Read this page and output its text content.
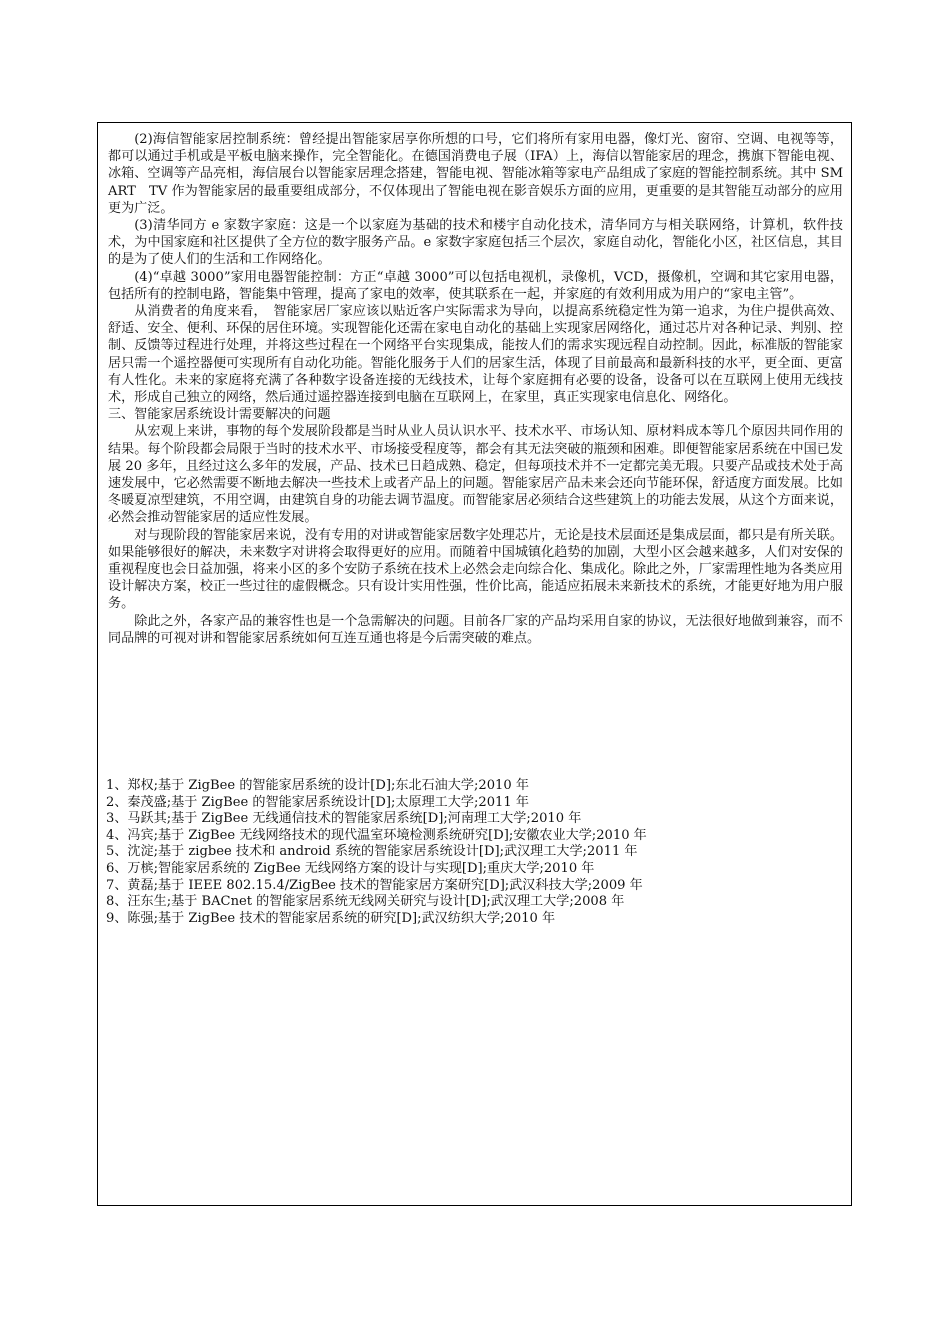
(2)海信智能家居控制系统：曾经提出智能家居享你所想的口号，它们将所有家用电器，像灯光、窗帘、空调、电视等等，都可以通过手机或是平板电脑来操作，完全智能化。在德国消费电子展（IFA）上，海信以智能家居的理念，携旗下智能电视、冰箱、空调等产品亮相，海信展台以智能家居理念搭建，智能电视、智能冰箱等家电产品组成了家庭的智能控制系统。其中 SMART　TV 作为智能家居的最重要组成部分，不仅体现出了智能电视在影音娱乐方面的应用，更重要的是其智能互动部分的应用更为广泛。

(3)清华同方 e 家数字家庭：这是一个以家庭为基础的技术和楼宇自动化技术，清华同方与相关联网络，计算机，软件技术，为中国家庭和社区提供了全方位的数字服务产品。e 家数字家庭包括三个层次，家庭自动化，智能化小区，社区信息，其目的是为了使人们的生活和工作网络化。

(4)“卓越 3000”家用电器智能控制：方正“卓越 3000”可以包括电视机，录像机，VCD，摄像机，空调和其它家用电器，包括所有的控制电路，智能集中管理，提高了家电的效率，使其联系在一起，并家庭的有效利用成为用户的“家电主管”。

从消费者的角度来看，　智能家居厂家应该以贴近客户实际需求为导向，以提高系统稳定性为第一追求，为住户提供高效、舒适、安全、便利、环保的居住环境。实现智能化还需在家电自动化的基础上实现家居网络化，通过芯片对各种记录、判别、控制、反馈等过程进行处理，并将这些过程在一个网络平台实现集成，能按人们的需求实现远程自动控制。因此，标准版的智能家居只需一个遥控器便可实现所有自动化功能。智能化服务于人们的居家生活，体现了目前最高和最新科技的水平，更全面、更富有人性化。未来的家庭将充满了各种数字设备连接的无线技术，让每个家庭拥有必要的设备，设备可以在互联网上使用无线技术，形成自己独立的网络，然后通过遥控器连接到电脑在互联网上，在家里，真正实现家电信息化、网络化。

三、智能家居系统设计需要解决的问题

从宏观上来讲，事物的每个发展阶段都是当时从业人员认识水平、技术水平、市场认知、原材料成本等几个原因共同作用的结果。每个阶段都会局限于当时的技术水平、市场接受程度等，都会有其无法突破的瓶颈和困难。即便智能家居系统在中国已发展 20 多年，且经过这么多年的发展，产品、技术已日趋成熟、稳定，但每项技术并不一定都完美无瑕。只要产品或技术处于高速发展中，它必然需要不断地去解决一些技术上或者产品上的问题。智能家居产品未来会还向节能环保，舒适度方面发展。比如冬暖夏凉型建筑，不用空调，由建筑自身的功能去调节温度。而智能家居必须结合这些建筑上的功能去发展，从这个方面来说，必然会推动智能家居的适应性发展。

对与现阶段的智能家居来说，没有专用的对讲或智能家居数字处理芯片，无论是技术层面还是集成层面，都只是有所关联。如果能够很好的解决，未来数字对讲将会取得更好的应用。而随着中国城镇化趋势的加剧，大型小区会越来越多，人们对安保的重视程度也会日益加强，将来小区的多个安防子系统在技术上必然会走向综合化、集成化。除此之外，厂家需理性地为各类应用设计解决方案，校正一些过往的虚假概念。只有设计实用性强，性价比高，能适应拓展未来新技术的系统，才能更好地为用户服务。

除此之外，各家产品的兼容性也是一个急需解决的问题。目前各厂家的产品均采用自家的协议，无法很好地做到兼容，而不同品牌的可视对讲和智能家居系统如何互连互通也将是今后需突破的难点。

1、郑权;基于 ZigBee 的智能家居系统的设计[D];东北石油大学;2010 年
2、秦茂盛;基于 ZigBee 的智能家居系统设计[D];太原理工大学;2011 年
3、马跃其;基于 ZigBee 无线通信技术的智能家居系统[D];河南理工大学;2010 年
4、冯宾;基于 ZigBee 无线网络技术的现代温室环境检测系统研究[D];安徽农业大学;2010 年
5、沈淀;基于 zigbee 技术和 android 系统的智能家居系统设计[D];武汉理工大学;2011 年
6、万槟;智能家居系统的 ZigBee 无线网络方案的设计与实现[D];重庆大学;2010 年
7、黄磊;基于 IEEE 802.15.4/ZigBee 技术的智能家居方案研究[D];武汉科技大学;2009 年
8、汪东生;基于 BACnet 的智能家居系统无线网关研究与设计[D];武汉理工大学;2008 年
9、陈强;基于 ZigBee 技术的智能家居系统的研究[D];武汉纺织大学;2010 年
